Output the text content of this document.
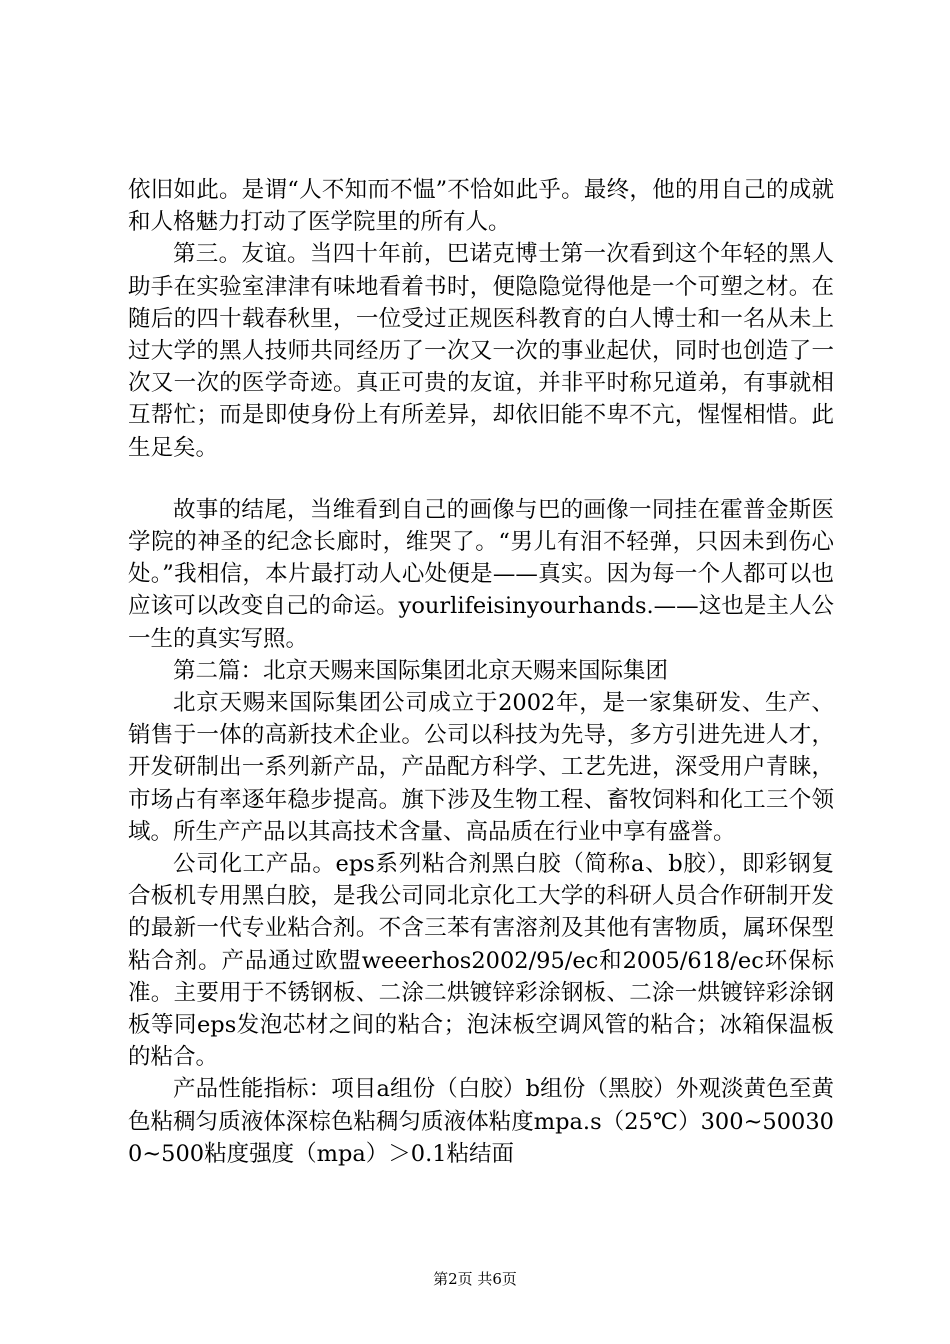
依旧如此。是谓“人不知而不愠”不恰如此乎。最终，他的用自己的成就和人格魅力打动了医学院里的所有人。

第三。友谊。当四十年前，巴诺克博士第一次看到这个年轻的黑人助手在实验室津津有味地看着书时，便隐隐觉得他是一个可塑之材。在随后的四十载春秋里，一位受过正规医科教育的白人博士和一名从未上过大学的黑人技师共同经历了一次又一次的事业起伏，同时也创造了一次又一次的医学奇迹。真正可贵的友谊，并非平时称兄道弟，有事就相互帮忙；而是即使身份上有所差异，却依旧能不卑不亢，惺惺相惜。此生足矣。

故事的结尾，当维看到自己的画像与巴的画像一同挂在霍普金斯医学院的神圣的纪念长廊时，维哭了。“男儿有泪不轻弹，只因未到伤心处。”我相信，本片最打动人心处便是——真实。因为每一个人都可以也应该可以改变自己的命运。yourlifeisinyourhands.——这也是主人公一生的真实写照。

第二篇：北京天赐来国际集团北京天赐来国际集团

北京天赐来国际集团公司成立于2002年，是一家集研发、生产、销售于一体的高新技术企业。公司以科技为先导，多方引进先进人才，开发研制出一系列新产品，产品配方科学、工艺先进，深受用户青睐，市场占有率逐年稳步提高。旗下涉及生物工程、畜牧饲料和化工三个领域。所生产产品以其高技术含量、高品质在行业中享有盛誉。

公司化工产品。eps系列粘合剂黑白胶（简称a、b胶），即彩钢复合板机专用黑白胶，是我公司同北京化工大学的科研人员合作研制开发的最新一代专业粘合剂。不含三苯有害溶剂及其他有害物质，属环保型粘合剂。产品通过欧盟weeerhos2002/95/ec和2005/618/ec环保标准。主要用于不锈钢板、二涂二烘镀锌彩涂钢板、二涂一烘镀锌彩涂钢板等同eps发泡芯材之间的粘合；泡沫板空调风管的粘合；冰箱保温板的粘合。

产品性能指标：项目a组份（白胶）b组份（黑胶）外观淡黄色至黄色粘稠匀质液体深棕色粘稠匀质液体粘度mpa.s（25℃）300~500300~500粘度强度（mpa）＞0.1粘结面

第2页 共6页
